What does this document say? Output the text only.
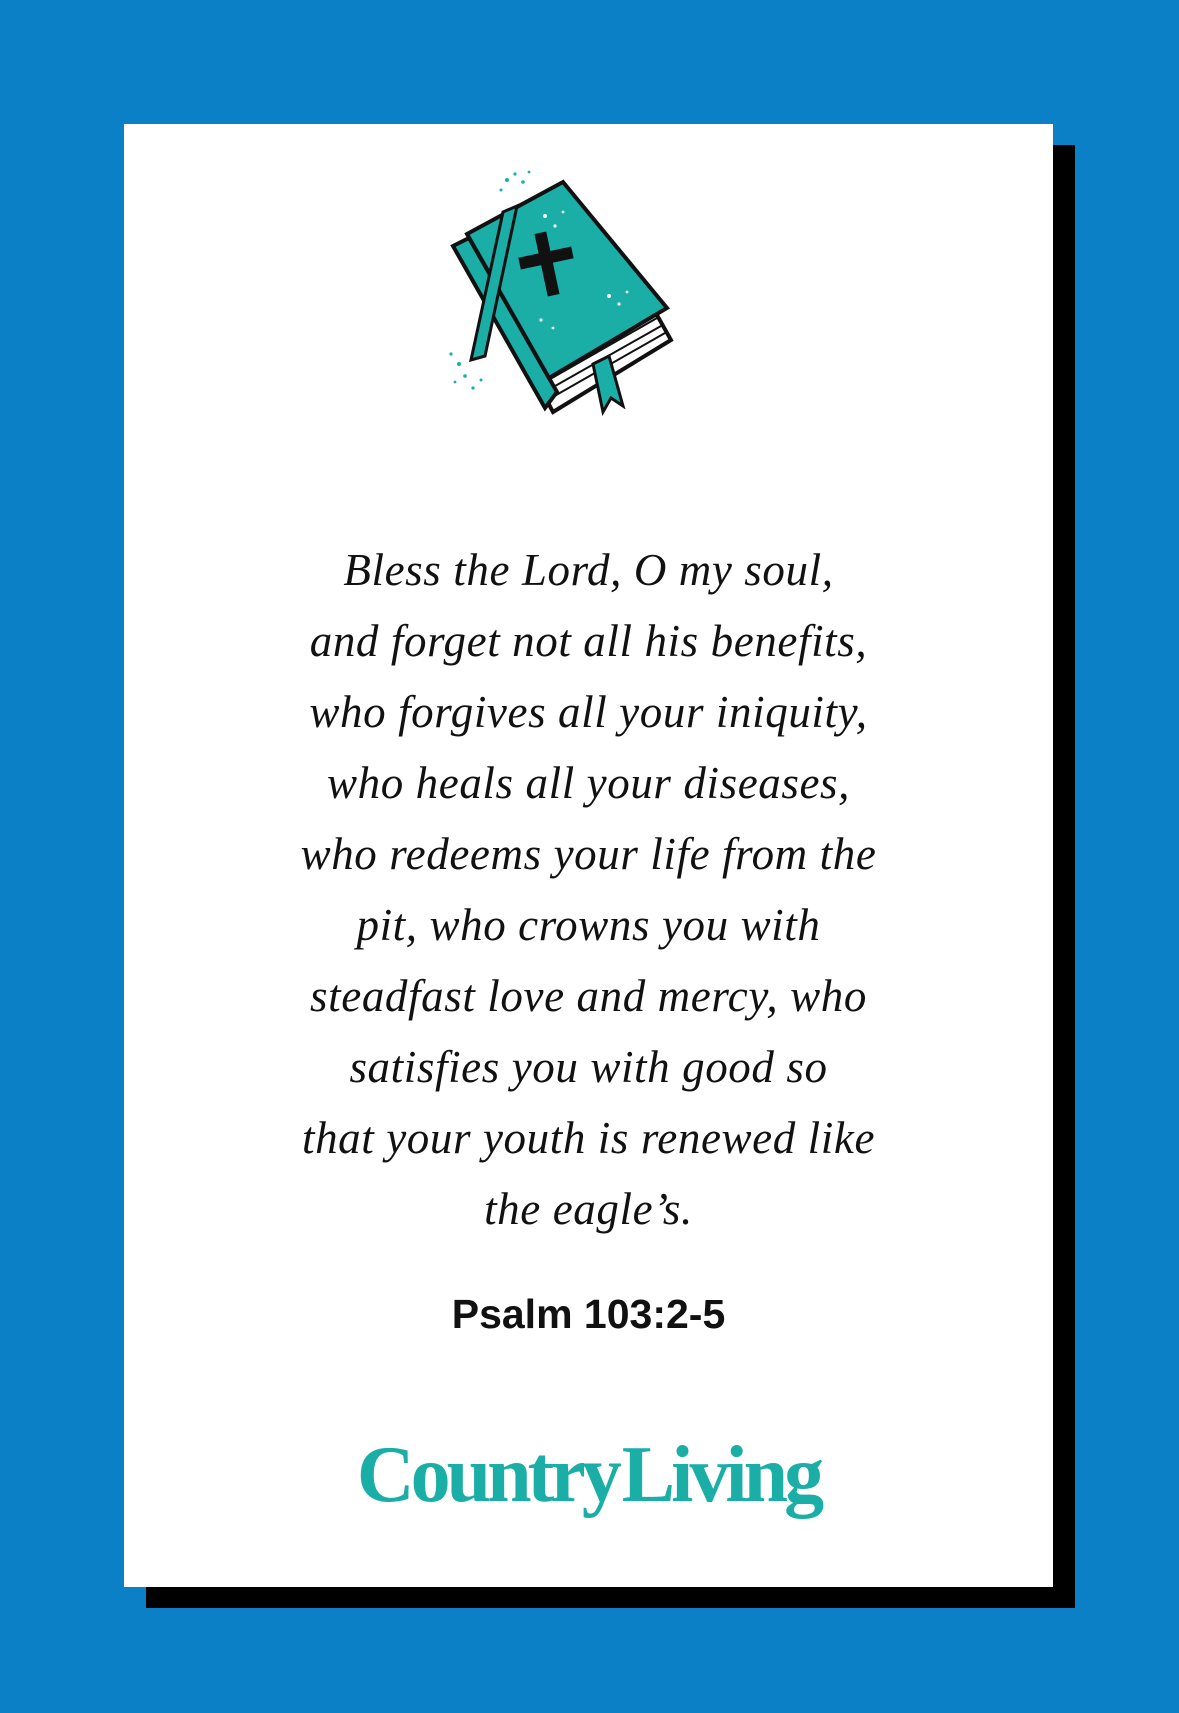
Bless the Lord, O my soul,
and forget not all his benefits,
who forgives all your iniquity,
who heals all your diseases,
who redeems your life from the
pit, who crowns you with
steadfast love and mercy, who
satisfies you with good so
that your youth is renewed like
the eagle’s.

Psalm 103:2-5
CountryLiving
